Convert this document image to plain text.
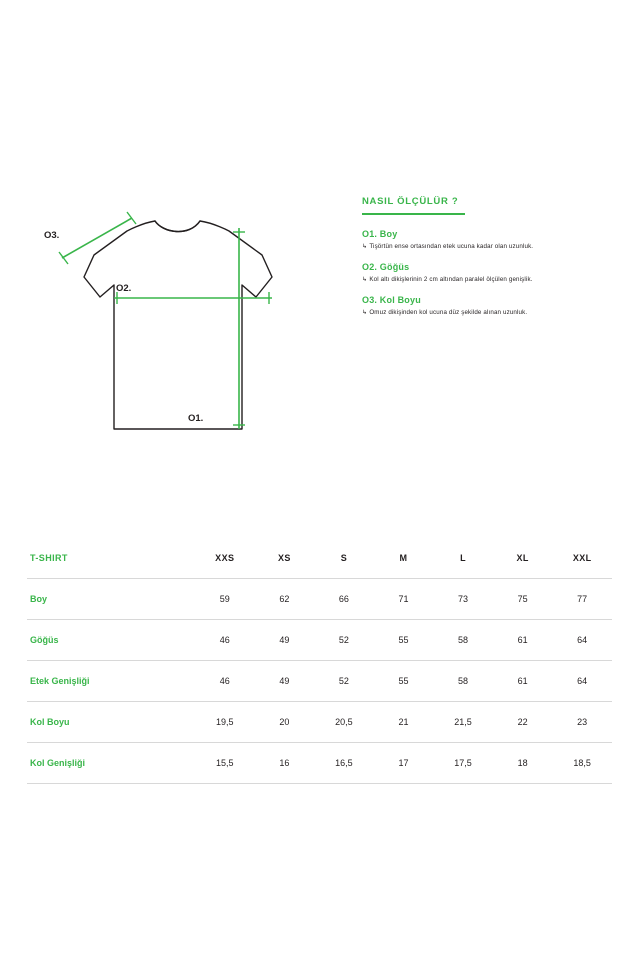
O3.
O2.
O1.
NASIL ÖLÇÜLÜR ?
O1. Boy
↳ Tişörtün ense ortasından etek ucuna kadar olan uzunluk.
O2. Göğüs
↳ Kol altı dikişlerinin 2 cm altından paralel ölçülen genişlik.
O3. Kol Boyu
↳ Omuz dikişinden kol ucuna düz şekilde alınan uzunluk.
T-SHIRT	XXS	XS	S	M	L	XL	XXL
Boy	59	62	66	71	73	75	77
Göğüs	46	49	52	55	58	61	64
Etek Genişliği	46	49	52	55	58	61	64
Kol Boyu	19,5	20	20,5	21	21,5	22	23
Kol Genişliği	15,5	16	16,5	17	17,5	18	18,5
